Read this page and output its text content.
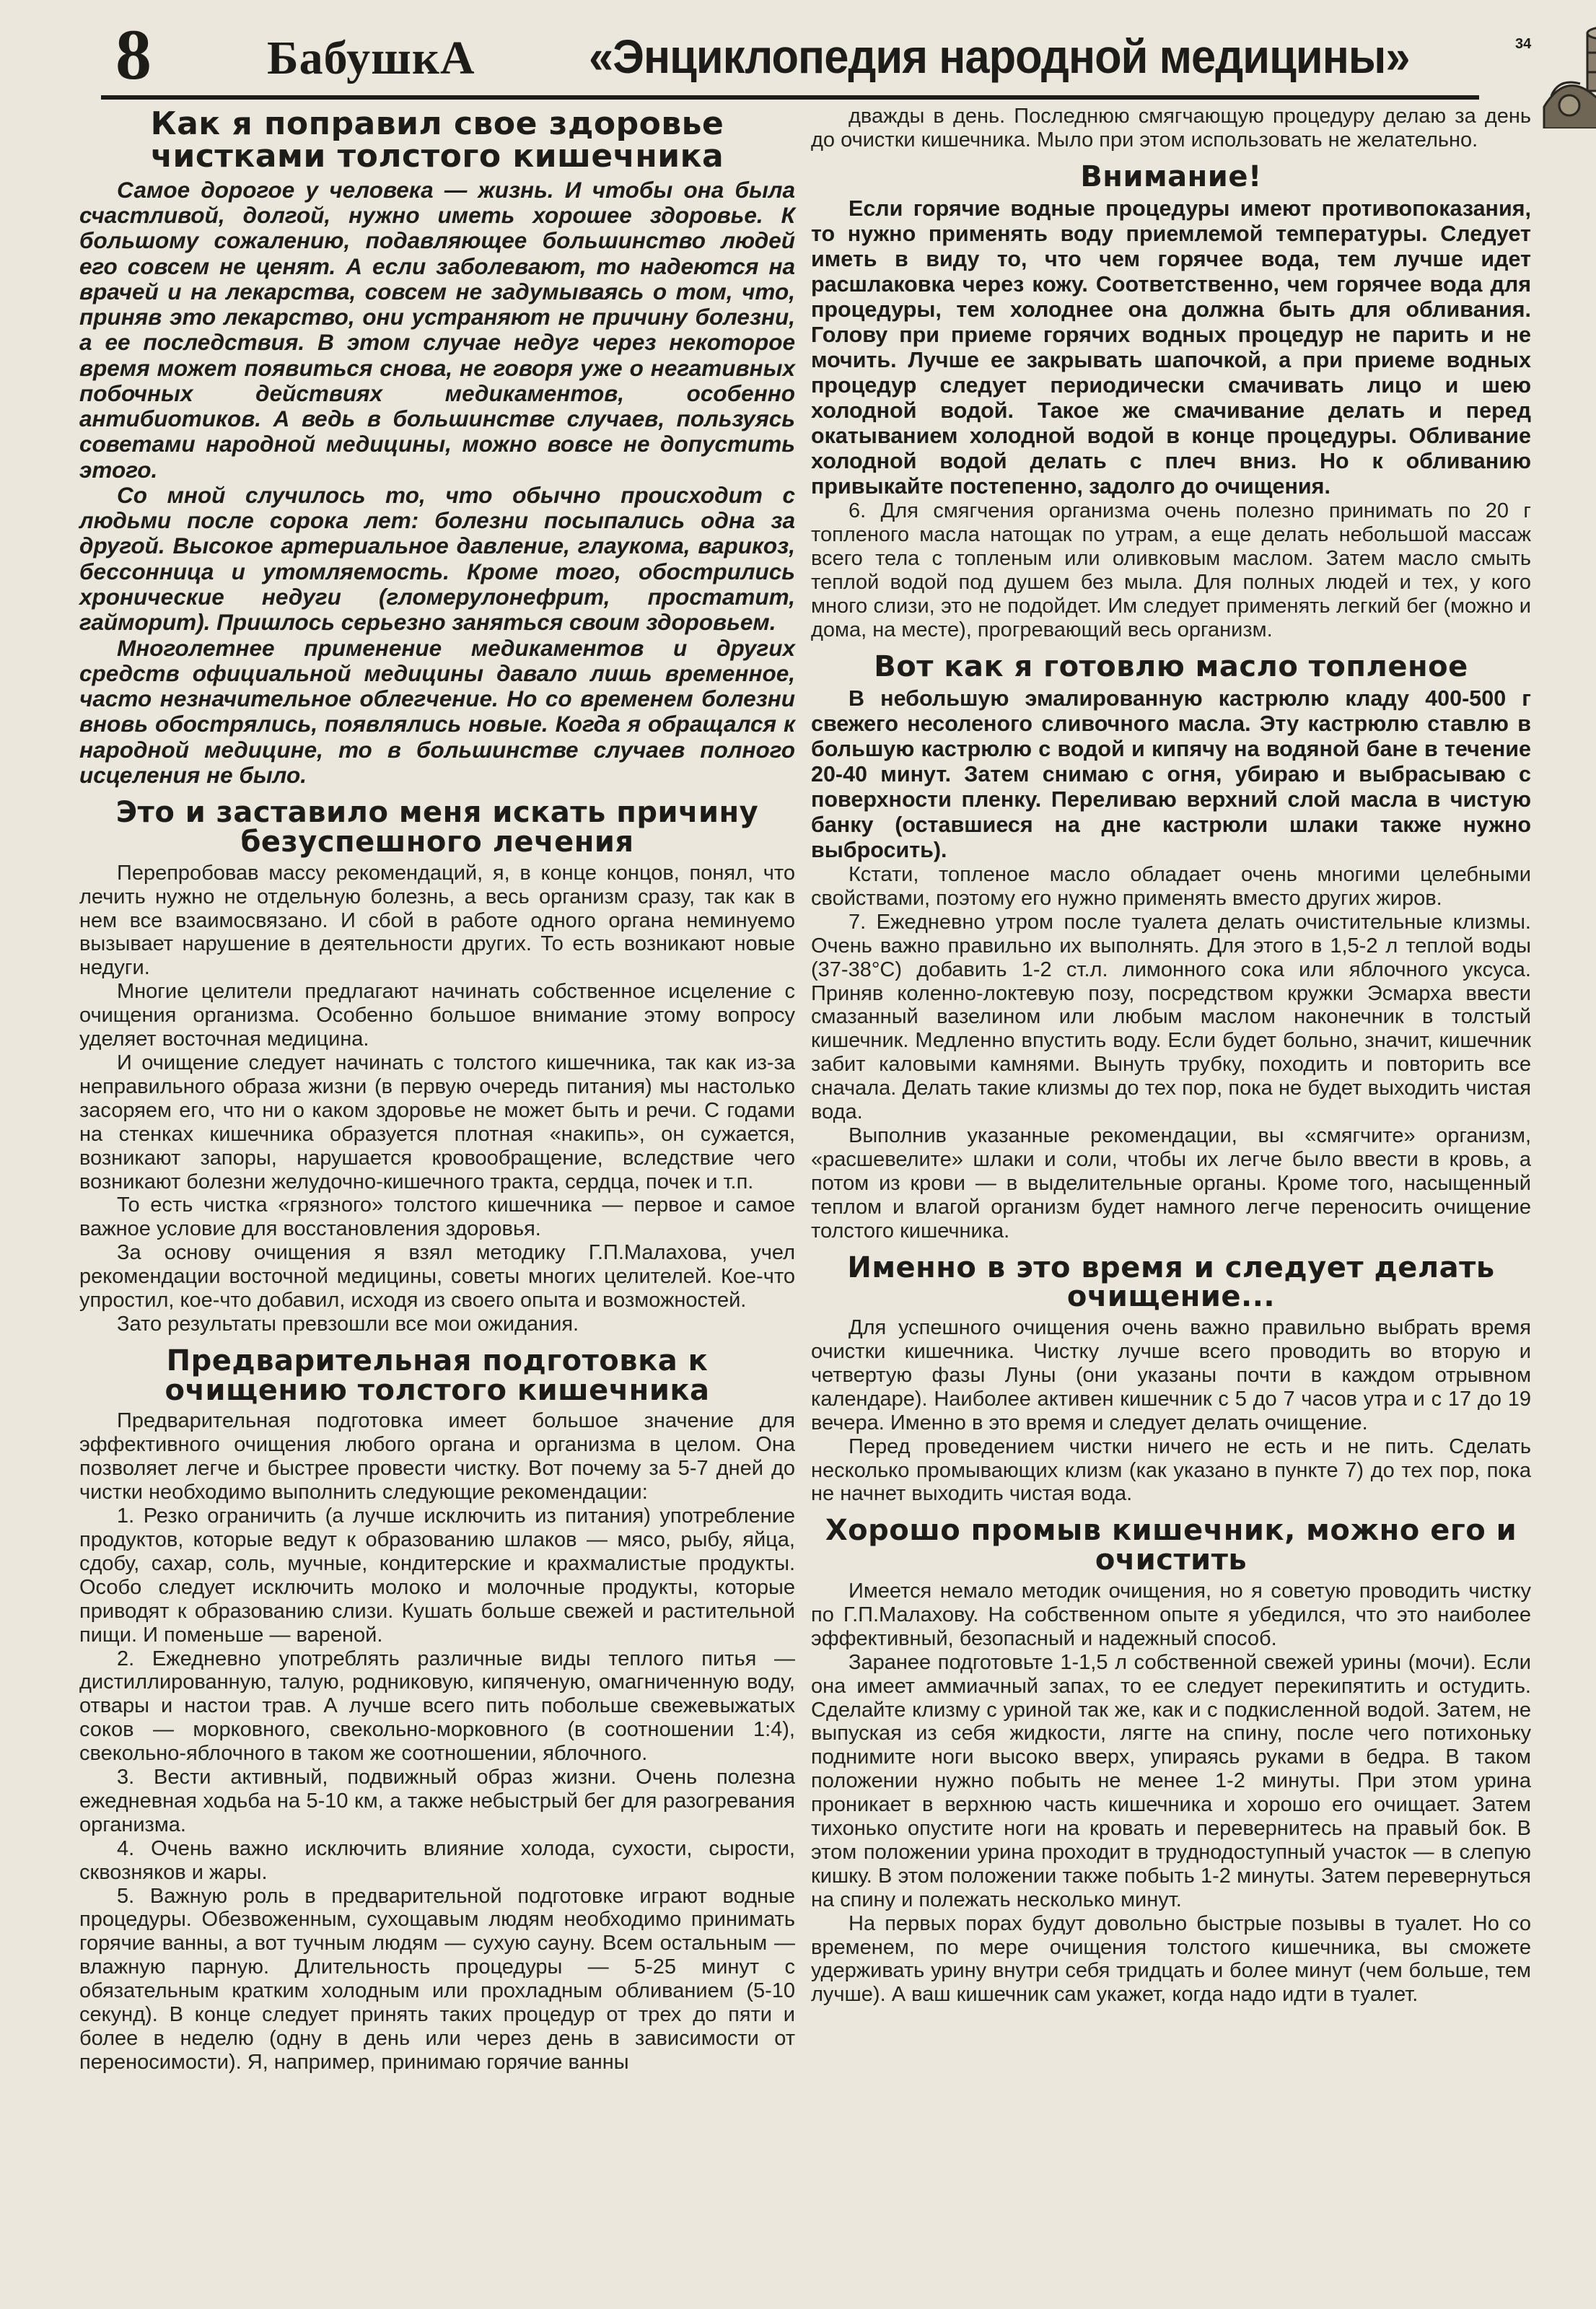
8 БабушкА «Энциклопедия народной медицины»	34
Как я поправил свое здоровье чистками толстого кишечника

Самое дорогое у человека — жизнь. И чтобы она была счастливой, долгой, нужно иметь хорошее здоровье. К большому сожалению, подавляющее большинство людей его совсем не ценят. А если заболевают, то надеются на врачей и на лекарства, совсем не задумываясь о том, что, приняв это лекарство, они устраняют не причину болезни, а ее последствия. В этом случае недуг через некоторое время может появиться снова, не говоря уже о негативных побочных действиях медикаментов, особенно антибиотиков. А ведь в большинстве случаев, пользуясь советами народной медицины, можно вовсе не допустить этого.

Со мной случилось то, что обычно происходит с людьми после сорока лет: болезни посыпались одна за другой. Высокое артериальное давление, глаукома, варикоз, бессонница и утомляемость. Кроме того, обострились хронические недуги (гломерулонефрит, простатит, гайморит). Пришлось серьезно заняться своим здоровьем.

Многолетнее применение медикаментов и других средств официальной медицины давало лишь временное, часто незначительное облегчение. Но со временем болезни вновь обострялись, появлялись новые. Когда я обращался к народной медицине, то в большинстве случаев полного исцеления не было.

Это и заставило меня искать причину безуспешного лечения

Перепробовав массу рекомендаций, я, в конце концов, понял, что лечить нужно не отдельную болезнь, а весь организм сразу, так как в нем все взаимосвязано. И сбой в работе одного органа неминуемо вызывает нарушение в деятельности других. То есть возникают новые недуги.

Многие целители предлагают начинать собственное исцеление с очищения организма. Особенно большое внимание этому вопросу уделяет восточная медицина.

И очищение следует начинать с толстого кишечника, так как из-за неправильного образа жизни (в первую очередь питания) мы настолько засоряем его, что ни о каком здоровье не может быть и речи. С годами на стенках кишечника образуется плотная «накипь», он сужается, возникают запоры, нарушается кровообращение, вследствие чего возникают болезни желудочно-кишечного тракта, сердца, почек и т.п.

То есть чистка «грязного» толстого кишечника — первое и самое важное условие для восстановления здоровья.

За основу очищения я взял методику Г.П.Малахова, учел рекомендации восточной медицины, советы многих целителей. Кое-что упростил, кое-что добавил, исходя из своего опыта и возможностей.

Зато результаты превзошли все мои ожидания.

Предварительная подготовка к очищению толстого кишечника

Предварительная подготовка имеет большое значение для эффективного очищения любого органа и организма в целом. Она позволяет легче и быстрее провести чистку. Вот почему за 5-7 дней до чистки необходимо выполнить следующие рекомендации:

1. Резко ограничить (а лучше исключить из питания) употребление продуктов, которые ведут к образованию шлаков — мясо, рыбу, яйца, сдобу, сахар, соль, мучные, кондитерские и крахмалистые продукты. Особо следует исключить молоко и молочные продукты, которые приводят к образованию слизи. Кушать больше свежей и растительной пищи. И поменьше — вареной.

2. Ежедневно употреблять различные виды теплого питья — дистиллированную, талую, родниковую, кипяченую, омагниченную воду, отвары и настои трав. А лучше всего пить побольше свежевыжатых соков — морковного, свекольно-морковного (в соотношении 1:4), свекольно-яблочного в таком же соотношении, яблочного.

3. Вести активный, подвижный образ жизни. Очень полезна ежедневная ходьба на 5-10 км, а также небыстрый бег для разогревания организма.

4. Очень важно исключить влияние холода, сухости, сырости, сквозняков и жары.

5. Важную роль в предварительной подготовке играют водные процедуры. Обезвоженным, сухощавым людям необходимо принимать горячие ванны, а вот тучным людям — сухую сауну. Всем остальным — влажную парную. Длительность процедуры — 5-25 минут с обязательным кратким холодным или прохладным обливанием (5-10 секунд). В конце следует принять таких процедур от трех до пяти и более в неделю (одну в день или через день в зависимости от переносимости). Я, например, принимаю горячие ванны

дважды в день. Последнюю смягчающую процедуру делаю за день до очистки кишечника. Мыло при этом использовать не желательно.

Внимание!

Если горячие водные процедуры имеют противопоказания, то нужно применять воду приемлемой температуры. Следует иметь в виду то, что чем горячее вода, тем лучше идет расшлаковка через кожу. Соответственно, чем горячее вода для процедуры, тем холоднее она должна быть для обливания. Голову при приеме горячих водных процедур не парить и не мочить. Лучше ее закрывать шапочкой, а при приеме водных процедур следует периодически смачивать лицо и шею холодной водой. Такое же смачивание делать и перед окатыванием холодной водой в конце процедуры. Обливание холодной водой делать с плеч вниз. Но к обливанию привыкайте постепенно, задолго до очищения.

6. Для смягчения организма очень полезно принимать по 20 г топленого масла натощак по утрам, а еще делать небольшой массаж всего тела с топленым или оливковым маслом. Затем масло смыть теплой водой под душем без мыла. Для полных людей и тех, у кого много слизи, это не подойдет. Им следует применять легкий бег (можно и дома, на месте), прогревающий весь организм.

Вот как я готовлю масло топленое

В небольшую эмалированную кастрюлю кладу 400-500 г свежего несоленого сливочного масла. Эту кастрюлю ставлю в большую кастрюлю с водой и кипячу на водяной бане в течение 20-40 минут. Затем снимаю с огня, убираю и выбрасываю с поверхности пленку. Переливаю верхний слой масла в чистую банку (оставшиеся на дне кастрюли шлаки также нужно выбросить).

Кстати, топленое масло обладает очень многими целебными свойствами, поэтому его нужно применять вместо других жиров.

7. Ежедневно утром после туалета делать очистительные клизмы. Очень важно правильно их выполнять. Для этого в 1,5-2 л теплой воды (37-38°С) добавить 1-2 ст.л. лимонного сока или яблочного уксуса. Приняв коленно-локтевую позу, посредством кружки Эсмарха ввести смазанный вазелином или любым маслом наконечник в толстый кишечник. Медленно впустить воду. Если будет больно, значит, кишечник забит каловыми камнями. Вынуть трубку, походить и повторить все сначала. Делать такие клизмы до тех пор, пока не будет выходить чистая вода.

Выполнив указанные рекомендации, вы «смягчите» организм, «расшевелите» шлаки и соли, чтобы их легче было ввести в кровь, а потом из крови — в выделительные органы. Кроме того, насыщенный теплом и влагой организм будет намного легче переносить очищение толстого кишечника.

Именно в это время и следует делать очищение...

Для успешного очищения очень важно правильно выбрать время очистки кишечника. Чистку лучше всего проводить во вторую и четвертую фазы Луны (они указаны почти в каждом отрывном календаре). Наиболее активен кишечник с 5 до 7 часов утра и с 17 до 19 вечера. Именно в это время и следует делать очищение.

Перед проведением чистки ничего не есть и не пить. Сделать несколько промывающих клизм (как указано в пункте 7) до тех пор, пока не начнет выходить чистая вода.

Хорошо промыв кишечник, можно его и очистить

Имеется немало методик очищения, но я советую проводить чистку по Г.П.Малахову. На собственном опыте я убедился, что это наиболее эффективный, безопасный и надежный способ.

Заранее подготовьте 1-1,5 л собственной свежей урины (мочи). Если она имеет аммиачный запах, то ее следует перекипятить и остудить. Сделайте клизму с уриной так же, как и с подкисленной водой. Затем, не выпуская из себя жидкости, лягте на спину, после чего потихоньку поднимите ноги высоко вверх, упираясь руками в бедра. В таком положении нужно побыть не менее 1-2 минуты. При этом урина проникает в верхнюю часть кишечника и хорошо его очищает. Затем тихонько опустите ноги на кровать и перевернитесь на правый бок. В этом положении урина проходит в труднодоступный участок — в слепую кишку. В этом положении также побыть 1-2 минуты. Затем перевернуться на спину и полежать несколько минут.

На первых порах будут довольно быстрые позывы в туалет. Но со временем, по мере очищения толстого кишечника, вы сможете удерживать урину внутри себя тридцать и более минут (чем больше, тем лучше). А ваш кишечник сам укажет, когда надо идти в туалет.
